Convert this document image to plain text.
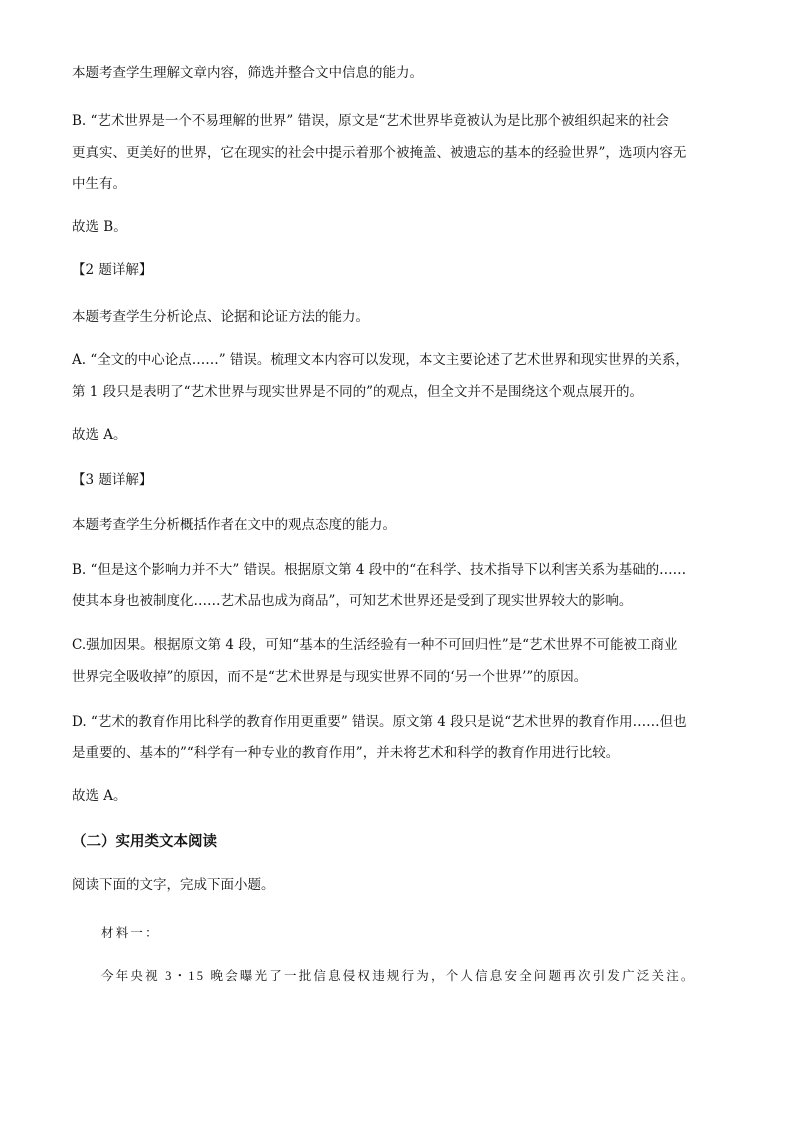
本题考查学生理解文章内容，筛选并整合文中信息的能力。

B. “艺术世界是一个不易理解的世界” 错误，原文是“艺术世界毕竟被认为是比那个被组织起来的社会

更真实、更美好的世界，它在现实的社会中提示着那个被掩盖、被遗忘的基本的经验世界”，选项内容无

中生有。

故选 B。

【2 题详解】

本题考查学生分析论点、论据和论证方法的能力。

A. “全文的中心论点……” 错误。梳理文本内容可以发现，本文主要论述了艺术世界和现实世界的关系，

第 1 段只是表明了“艺术世界与现实世界是不同的”的观点，但全文并不是围绕这个观点展开的。

故选 A。

【3 题详解】

本题考查学生分析概括作者在文中的观点态度的能力。

B. “但是这个影响力并不大” 错误。根据原文第 4 段中的“在科学、技术指导下以利害关系为基础的……

使其本身也被制度化……艺术品也成为商品”，可知艺术世界还是受到了现实世界较大的影响。

C.强加因果。根据原文第 4 段，可知“基本的生活经验有一种不可回归性”是“艺术世界不可能被工商业

世界完全吸收掉”的原因，而不是“艺术世界是与现实世界不同的‘另一个世界’”的原因。

D. “艺术的教育作用比科学的教育作用更重要” 错误。原文第 4 段只是说“艺术世界的教育作用……但也

是重要的、基本的”“科学有一种专业的教育作用”，并未将艺术和科学的教育作用进行比较。

故选 A。

（二）实用类文本阅读

阅读下面的文字，完成下面小题。

材料一：

今年央视 3・15 晚会曝光了一批信息侵权违规行为，个人信息安全问题再次引发广泛关注。
